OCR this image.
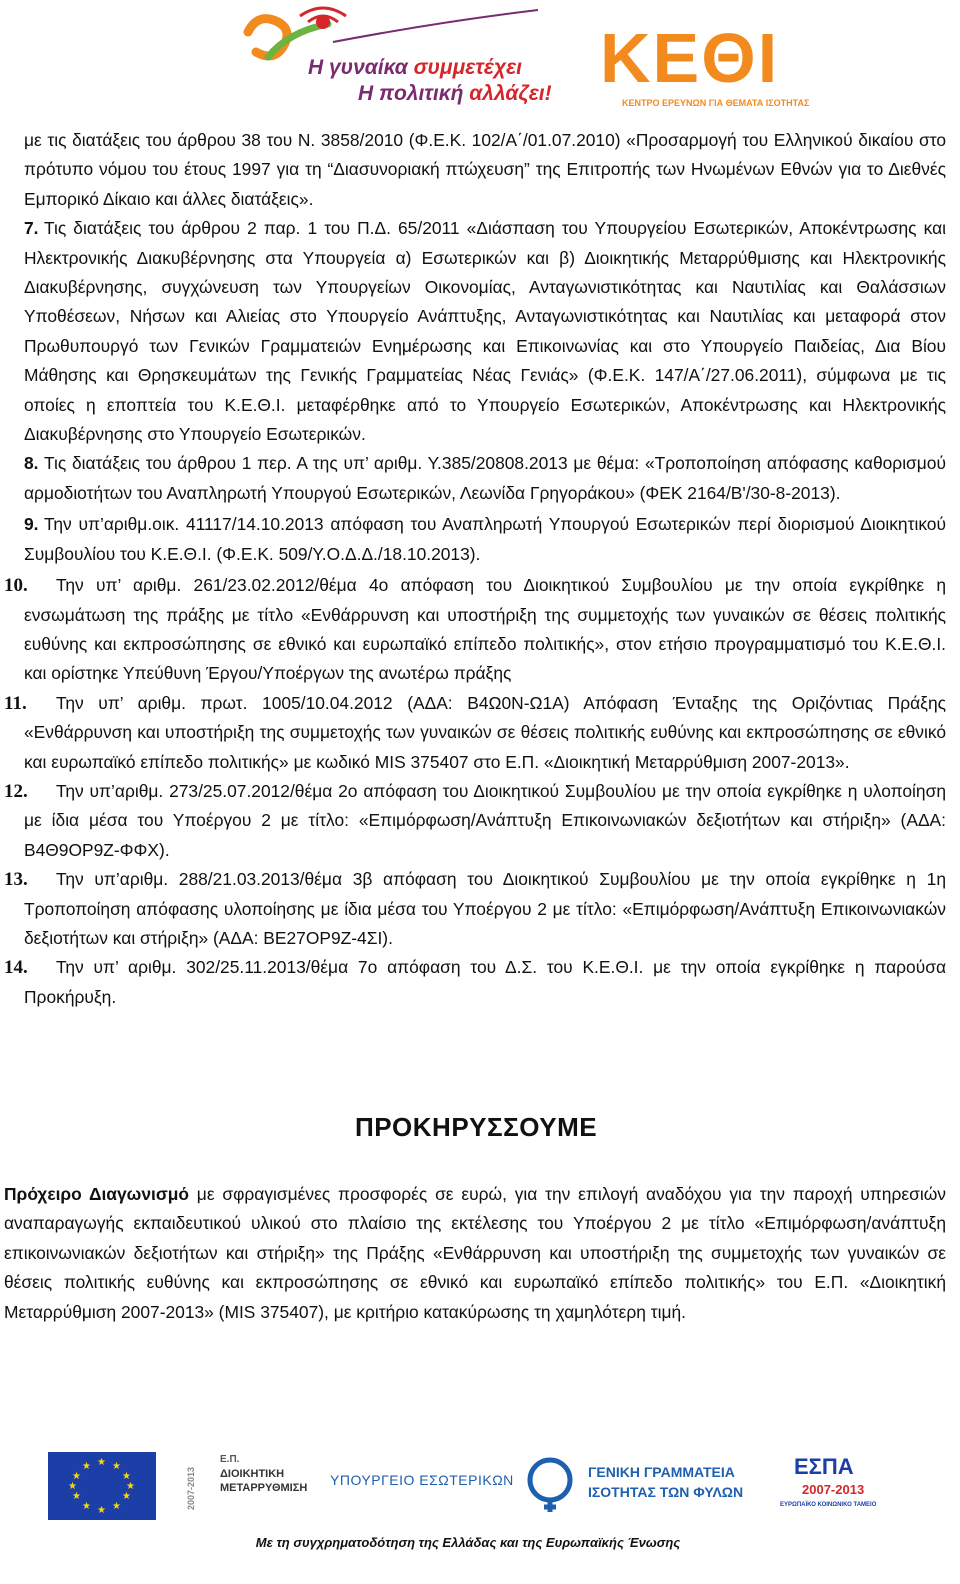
Η γυναίκα συμμετέχει
Η πολιτική αλλάζει! ΚΕΘΙ
ΚΕΝΤΡΟ ΕΡΕΥΝΩΝ ΓΙΑ ΘΕΜΑΤΑ ΙΣΟΤΗΤΑΣ

με τις διατάξεις του άρθρου 38 του Ν. 3858/2010 (Φ.Ε.Κ. 102/Α΄/01.07.2010) «Προσαρμογή του Ελληνικού δικαίου στο πρότυπο νόμου του έτους 1997 για τη “Διασυνοριακή πτώχευση” της Επιτροπής των Ηνωμένων Εθνών για το Διεθνές Εμπορικό Δίκαιο και άλλες διατάξεις».

7. Τις διατάξεις του άρθρου 2 παρ. 1 του Π.Δ. 65/2011 «Διάσπαση του Υπουργείου Εσωτερικών, Αποκέντρωσης και Ηλεκτρονικής Διακυβέρνησης στα Υπουργεία α) Εσωτερικών και β) Διοικητικής Μεταρρύθμισης και Ηλεκτρονικής Διακυβέρνησης, συγχώνευση των Υπουργείων Οικονομίας, Ανταγωνιστικότητας και Ναυτιλίας και Θαλάσσιων Υποθέσεων, Νήσων και Αλιείας στο Υπουργείο Ανάπτυξης, Ανταγωνιστικότητας και Ναυτιλίας και μεταφορά στον Πρωθυπουργό των Γενικών Γραμματειών Ενημέρωσης και Επικοινωνίας και στο Υπουργείο Παιδείας, Δια Βίου Μάθησης και Θρησκευμάτων της Γενικής Γραμματείας Νέας Γενιάς» (Φ.Ε.Κ. 147/Α΄/27.06.2011), σύμφωνα με τις οποίες η εποπτεία του Κ.Ε.Θ.Ι. μεταφέρθηκε από το Υπουργείο Εσωτερικών, Αποκέντρωσης και Ηλεκτρονικής Διακυβέρνησης στο Υπουργείο Εσωτερικών.

8. Τις διατάξεις του άρθρου 1 περ. Α της υπ’ αριθμ. Υ.385/20808.2013 με θέμα: «Τροποποίηση απόφασης καθορισμού αρμοδιοτήτων του Αναπληρωτή Υπουργού Εσωτερικών, Λεωνίδα Γρηγοράκου» (ΦΕΚ 2164/Β'/30-8-2013).

9. Την υπ’αριθμ.οικ. 41117/14.10.2013 απόφαση του Αναπληρωτή Υπουργού Εσωτερικών περί διορισμού Διοικητικού Συμβουλίου του Κ.Ε.Θ.Ι. (Φ.Ε.Κ. 509/Υ.Ο.Δ.Δ./18.10.2013).

10. Την υπ’ αριθμ. 261/23.02.2012/θέμα 4ο απόφαση του Διοικητικού Συμβουλίου με την οποία εγκρίθηκε η ενσωμάτωση της πράξης με τίτλο «Ενθάρρυνση και υποστήριξη της συμμετοχής των γυναικών σε θέσεις πολιτικής ευθύνης και εκπροσώπησης σε εθνικό και ευρωπαϊκό επίπεδο πολιτικής», στον ετήσιο προγραμματισμό του Κ.Ε.Θ.Ι. και ορίστηκε Υπεύθυνη Έργου/Υποέργων της ανωτέρω πράξης

11. Την υπ’ αριθμ. πρωτ. 1005/10.04.2012 (ΑΔΑ: Β4Ω0Ν-Ω1Α) Απόφαση Ένταξης της Οριζόντιας Πράξης «Ενθάρρυνση και υποστήριξη της συμμετοχής των γυναικών σε θέσεις πολιτικής ευθύνης και εκπροσώπησης σε εθνικό και ευρωπαϊκό επίπεδο πολιτικής» με κωδικό MIS 375407 στο Ε.Π. «Διοικητική Μεταρρύθμιση 2007-2013».

12. Την υπ’αριθμ. 273/25.07.2012/θέμα 2ο απόφαση του Διοικητικού Συμβουλίου με την οποία εγκρίθηκε η υλοποίηση με ίδια μέσα του Υποέργου 2 με τίτλο: «Επιμόρφωση/Ανάπτυξη Επικοινωνιακών δεξιοτήτων και στήριξη» (ΑΔΑ: Β4Θ9ΟΡ9Ζ-ΦΦΧ).

13. Την υπ’αριθμ. 288/21.03.2013/θέμα 3β απόφαση του Διοικητικού Συμβουλίου με την οποία εγκρίθηκε η 1η Τροποποίηση απόφασης υλοποίησης με ίδια μέσα του Υποέργου 2 με τίτλο: «Επιμόρφωση/Ανάπτυξη Επικοινωνιακών δεξιοτήτων και στήριξη» (ΑΔΑ: ΒΕ27ΟΡ9Ζ-4ΣΙ).

14. Την υπ’ αριθμ. 302/25.11.2013/θέμα 7ο απόφαση του Δ.Σ. του Κ.Ε.Θ.Ι. με την οποία εγκρίθηκε η παρούσα Προκήρυξη.

ΠΡΟΚΗΡΥΣΣΟΥΜΕ
Πρόχειρο Διαγωνισμό με σφραγισμένες προσφορές σε ευρώ, για την επιλογή αναδόχου για την παροχή υπηρεσιών αναπαραγωγής εκπαιδευτικού υλικού στο πλαίσιο της εκτέλεσης του Υποέργου 2 με τίτλο «Επιμόρφωση/ανάπτυξη επικοινωνιακών δεξιοτήτων και στήριξη» της Πράξης «Ενθάρρυνση και υποστήριξη της συμμετοχής των γυναικών σε θέσεις πολιτικής ευθύνης και εκπροσώπησης σε εθνικό και ευρωπαϊκό επίπεδο πολιτικής» του Ε.Π. «Διοικητική Μεταρρύθμιση 2007-2013» (MIS 375407), με κριτήριο κατακύρωσης τη χαμηλότερη τιμή.
★ ★
★
★
★
★
★
★
★
★
★
★
2007-2013
Ε.Π.
ΔΙΟΙΚΗΤΙΚΗ
ΜΕΤΑΡΡΥΘΜΙΣΗ ΥΠΟΥΡΓΕΙΟ ΕΣΩΤΕΡΙΚΩΝ	ΓΕΝΙΚΗ ΓΡΑΜΜΑΤΕΙΑ
ΙΣΟΤΗΤΑΣ ΤΩΝ ΦΥΛΩΝ
ΕΣΠΑ
2007-2013
ΕΥΡΩΠΑΪΚΟ ΚΟΙΝΩΝΙΚΟ ΤΑΜΕΙΟ
Με τη συγχρηματοδότηση της Ελλάδας και της Ευρωπαϊκής Ένωσης
